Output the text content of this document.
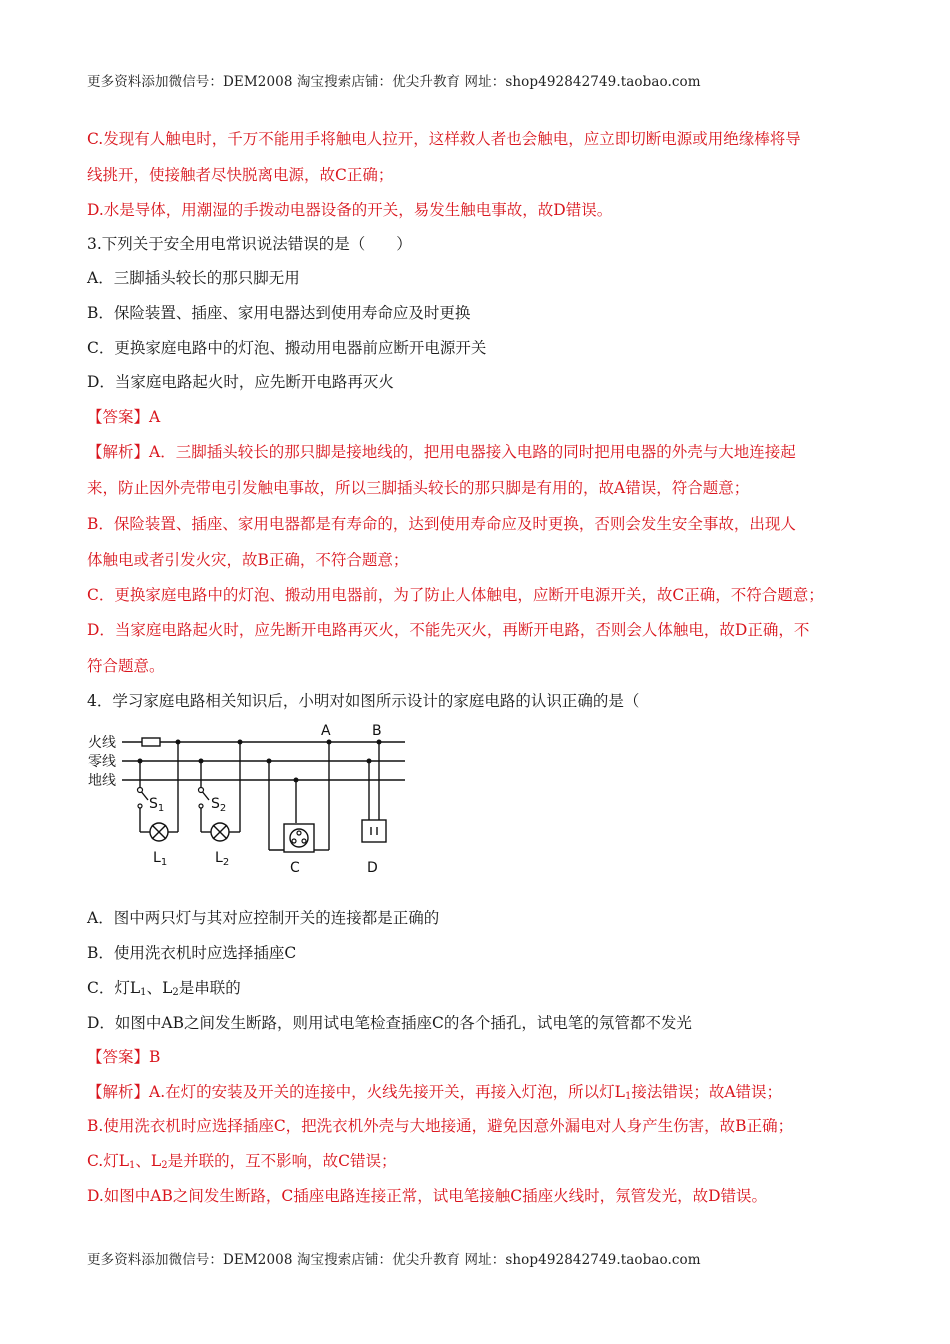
更多资料添加微信号：DEM2008 淘宝搜索店铺：优尖升教育 网址：shop492842749.taobao.com
C.发现有人触电时，千万不能用手将触电人拉开，这样救人者也会触电，应立即切断电源或用绝缘棒将导
线挑开，使接触者尽快脱离电源，故C正确；
D.水是导体，用潮湿的手拨动电器设备的开关，易发生触电事故，故D错误。
3.下列关于安全用电常识说法错误的是（　　）
A．三脚插头较长的那只脚无用
B．保险装置、插座、家用电器达到使用寿命应及时更换
C．更换家庭电路中的灯泡、搬动用电器前应断开电源开关
D．当家庭电路起火时，应先断开电路再灭火
【答案】A
【解析】A．三脚插头较长的那只脚是接地线的，把用电器接入电路的同时把用电器的外壳与大地连接起
来，防止因外壳带电引发触电事故，所以三脚插头较长的那只脚是有用的，故A错误，符合题意；
B．保险装置、插座、家用电器都是有寿命的，达到使用寿命应及时更换，否则会发生安全事故，出现人
体触电或者引发火灾，故B正确，不符合题意；
C．更换家庭电路中的灯泡、搬动用电器前，为了防止人体触电，应断开电源开关，故C正确，不符合题意；
D．当家庭电路起火时，应先断开电路再灭火，不能先灭火，再断开电路，否则会人体触电，故D正确，不
符合题意。
4．学习家庭电路相关知识后，小明对如图所示设计的家庭电路的认识正确的是（
火线
零线
地线
A	B
$S_1$	$S_2$
$L_1$	$L_2$	C	D
A．图中两只灯与其对应控制开关的连接都是正确的
B．使用洗衣机时应选择插座C
C．灯$L_1$、$L_2$是串联的
D．如图中AB之间发生断路，则用试电笔检查插座C的各个插孔，试电笔的氖管都不发光
【答案】B
【解析】A.在灯的安装及开关的连接中，火线先接开关，再接入灯泡，所以灯$L_1$接法错误；故A错误；
B.使用洗衣机时应选择插座C，把洗衣机外壳与大地接通，避免因意外漏电对人身产生伤害，故B正确；
C.灯$L_1$、$L_2$是并联的，互不影响，故C错误；
D.如图中AB之间发生断路，C插座电路连接正常，试电笔接触C插座火线时，氖管发光，故D错误。
更多资料添加微信号：DEM2008 淘宝搜索店铺：优尖升教育 网址：shop492842749.taobao.com
